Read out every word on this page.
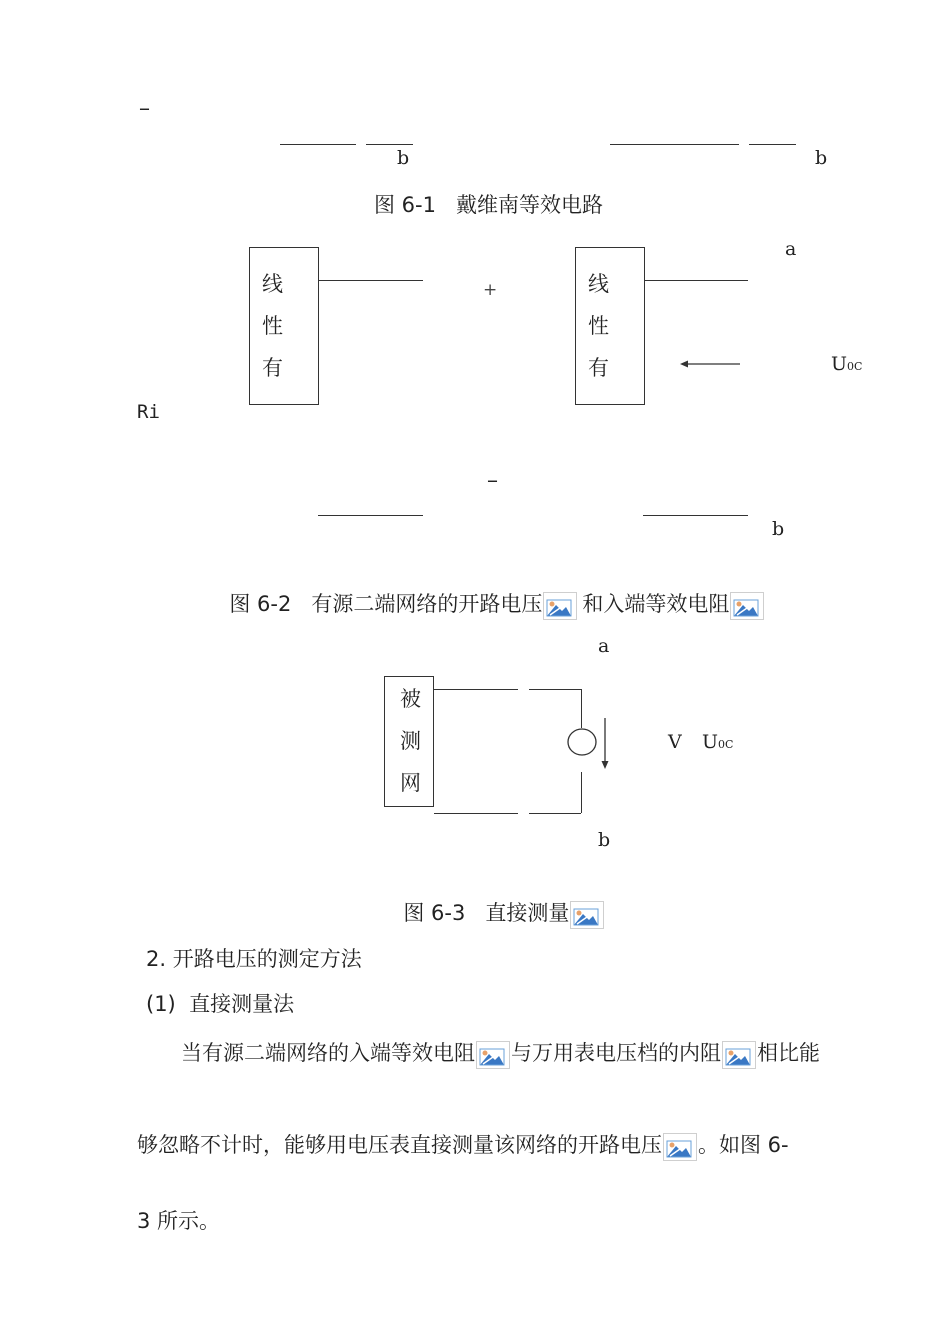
–
b	b
图 6-1   戴维南等效电路
a
线
性
有
+	线
性
有	U0C
Ri
–
b

图 6-2   有源二端网络的开路电压 和入端等效电阻

a
被
测
网
V U0C
b

图 6-3   直接测量

2. 开路电压的测定方法
(1)  直接测量法
当有源二端网络的入端等效电阻 与万用表电压档的内阻 相比能
够忽略不计时，能够用电压表直接测量该网络的开路电压 。如图 6-
3 所示。
